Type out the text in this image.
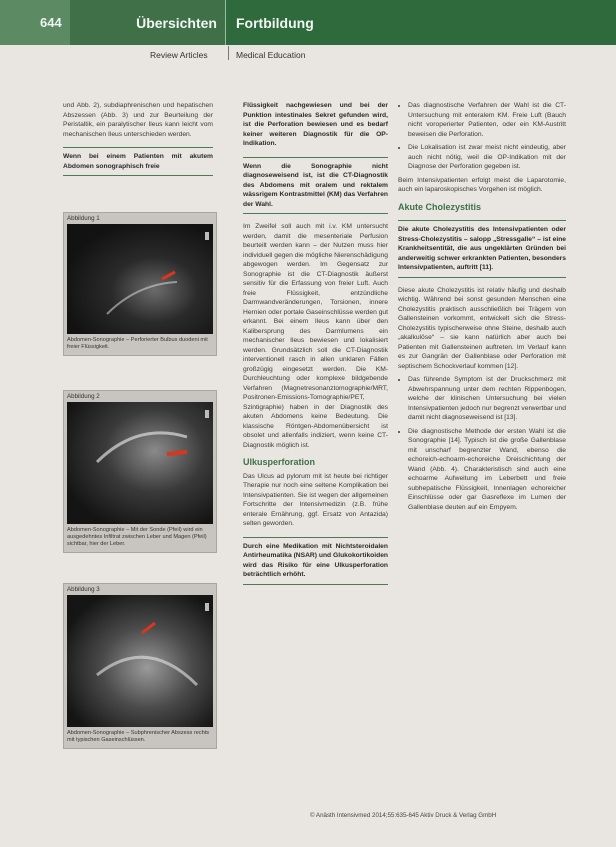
644	Übersichten	Fortbildung
Review Articles	Medical Education
und Abb. 2), subdiaphrenischen und hepatischen Abszessen (Abb. 3) und zur Beurteilung der Peristaltik, ein paralytischer Ileus kann leicht vom mechanischen Ileus unterschieden werden.
Wenn bei einem Patienten mit akutem Abdomen sonographisch freie
Abbildung 1
Abdomen-Sonographie – Perforierter Bulbus duodeni mit freier Flüssigkeit.
Abbildung 2
Abdomen-Sonographie – Mit der Sonde (Pfeil) wird ein ausgedehntes Infiltrat zwischen Leber und Magen (Pfeil) sichtbar, hier der Leber.
Abbildung 3
Abdomen-Sonographie – Subphrenischer Abszess rechts mit typischen Gaseinschlüssen.
Flüssigkeit nachgewiesen und bei der Punktion intestinales Sekret gefunden wird, ist die Perforation bewiesen und es bedarf keiner weiteren Diagnostik für die OP-Indikation.
Wenn die Sonographie nicht diagnoseweisend ist, ist die CT-Diagnostik des Abdomens mit oralem und rektalem wässrigem Kontrastmittel (KM) das Verfahren der Wahl.
Im Zweifel soll auch mit i.v. KM untersucht werden, damit die mesenteriale Perfusion beurteilt werden kann – der Nutzen muss hier individuell gegen die mögliche Nierenschädigung abgewogen werden. Im Gegensatz zur Sonographie ist die CT-Diagnostik äußerst sensitiv für die Erfassung von freier Luft. Auch freie Flüssigkeit, entzündliche Darmwandveränderungen, Torsionen, innere Hernien oder portale Gaseinschlüsse werden gut erkannt. Bei einem Ileus kann über den Kalibersprung des Darmlumens ein mechanischer Ileus bewiesen und lokalisiert werden. Grundsätzlich soll die CT-Diagnostik interventionell rasch in allen unklaren Fällen großzügig eingesetzt werden. Die KM-Durchleuchtung oder komplexe bildgebende Verfahren (Magnetresonanztomographie/MRT, Positronen-Emissions-Tomographie/PET, Szintigraphie) haben in der Diagnostik des akuten Abdomens keine Bedeutung. Die klassische Röntgen-Abdomenübersicht ist obsolet und allenfalls indiziert, wenn keine CT-Diagnostik möglich ist.
Ulkusperforation
Das Ulcus ad pylorum mit ist heute bei richtiger Therapie nur noch eine seltene Komplikation bei Intensivpatienten. Sie ist wegen der allgemeinen Fortschritte der Intensivmedizin (z.B. frühe enterale Ernährung, ggf. Ersatz von Antazida) selten geworden.
Durch eine Medikation mit Nichtsteroidalen Antirheumatika (NSAR) und Glukokortikoiden wird das Risiko für eine Ulkusperforation beträchtlich erhöht.
• Das diagnostische Verfahren der Wahl ist die CT-Untersuchung mit enteralem KM. Freie Luft (Bauch nicht voroperierter Patienten, oder ein KM-Austritt beweisen die Perforation.
• Die Lokalisation ist zwar meist nicht eindeutig, aber auch nicht nötig, weil die OP-Indikation mit der Diagnose der Perforation gegeben ist.
Beim Intensivpatienten erfolgt meist die Laparotomie, auch ein laparoskopisches Vorgehen ist möglich.
Akute Cholezystitis
Die akute Cholezystitis des Intensivpatienten oder Stress-Cholezystitis – salopp „Stressgalle“ – ist eine Krankheitsentität, die aus ungeklärten Gründen bei anderweitig schwer erkrankten Patienten, besonders Intensivpatienten, auftritt [11].
Diese akute Cholezystitis ist relativ häufig und deshalb wichtig. Während bei sonst gesunden Menschen eine Cholezystitis praktisch ausschließlich bei Trägern von Gallensteinen vorkommt, entwickelt sich die Stress-Cholezystitis typischerweise ohne Steine, deshalb auch „akalkulöse“ – sie kann natürlich aber auch bei Patienten mit Gallensteinen auftreten. Im Verlauf kann es zur Gangrän der Gallenblase oder Perforation mit septischem Schockverlauf kommen [12].
• Das führende Symptom ist der Druckschmerz mit Abwehrspannung unter dem rechten Rippenbogen, welche der klinischen Untersuchung bei vielen Intensivpatienten jedoch nur begrenzt verwertbar und damit nicht diagnoseweisend ist [13].
• Die diagnostische Methode der ersten Wahl ist die Sonographie [14]. Typisch ist die große Gallenblase mit unscharf begrenzter Wand, ebenso die echoreich-echoarm-echoreiche Dreischichtung der Wand (Abb. 4). Charakteristisch sind auch eine echoarme Aufweitung im Leberbett und freie subhepatische Flüssigkeit, Innenlagen echoreicher Einschlüsse oder gar Gasreflexe im Lumen der Gallenblase deuten auf ein Empyem.
© Anästh Intensivmed 2014;55:635-645 Aktiv Druck & Verlag GmbH
